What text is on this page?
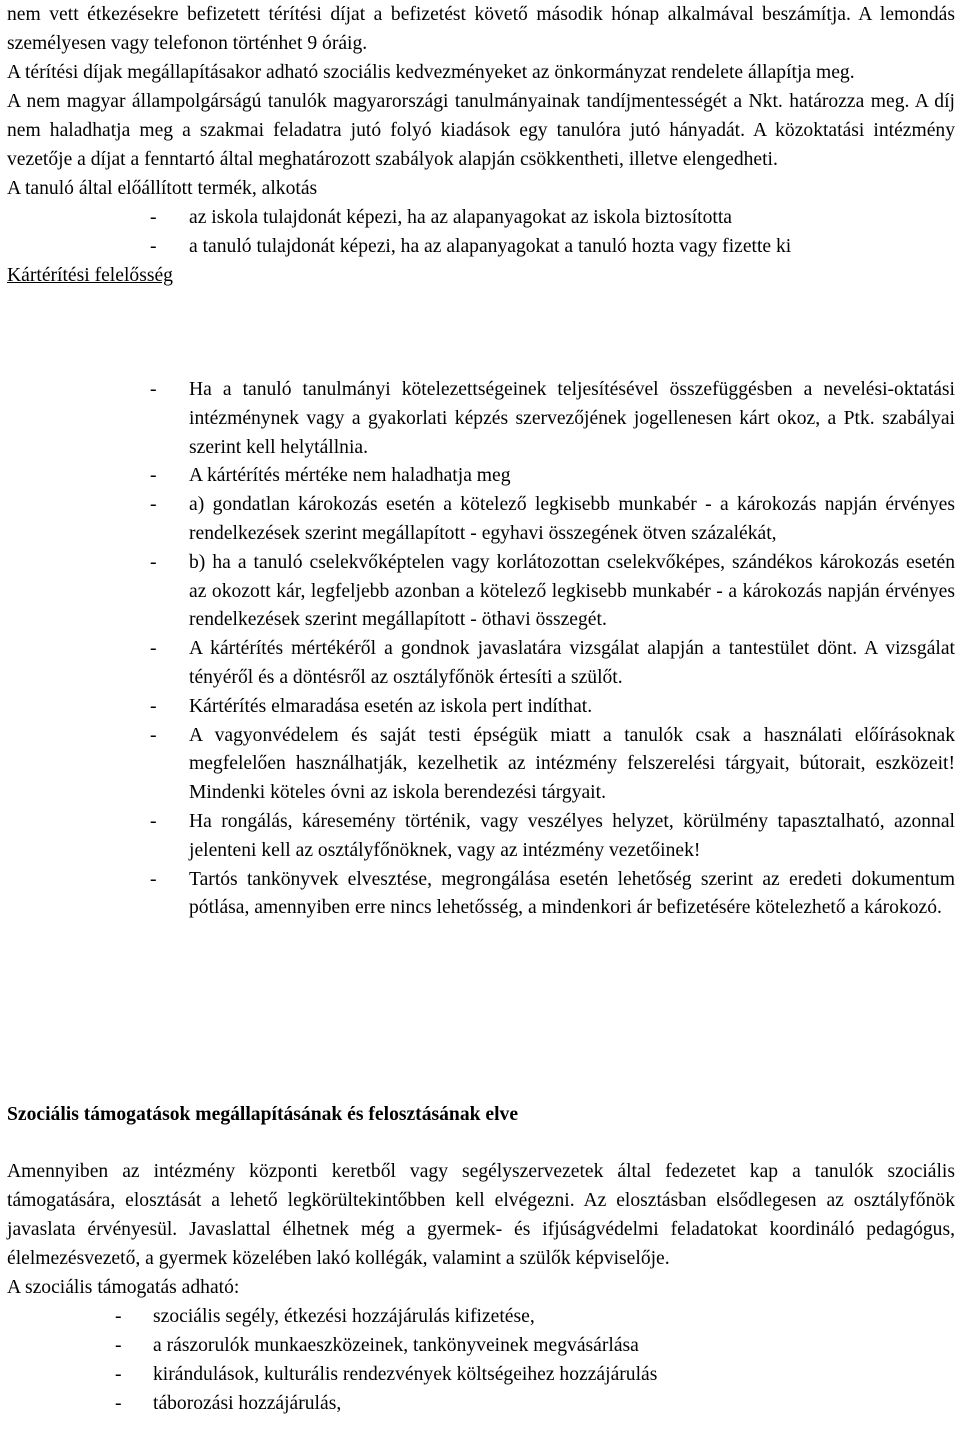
nem vett étkezésekre befizetett térítési díjat a befizetést követő második hónap alkalmával beszámítja. A lemondás személyesen vagy telefonon történhet 9 óráig.

A térítési díjak megállapításakor adható szociális kedvezményeket az önkormányzat rendelete állapítja meg.

A nem magyar állampolgárságú tanulók magyarországi tanulmányainak tandíjmentességét a Nkt. határozza meg. A díj nem haladhatja meg a szakmai feladatra jutó folyó kiadások egy tanulóra jutó hányadát. A közoktatási intézmény vezetője a díjat a fenntartó által meghatározott szabályok alapján csökkentheti, illetve elengedheti.

A tanuló által előállított termék, alkotás

- az iskola tulajdonát képezi, ha az alapanyagokat az iskola biztosította
- a tanuló tulajdonát képezi, ha az alapanyagokat a tanuló hozta vagy fizette ki

Kártérítési felelősség

- Ha a tanuló tanulmányi kötelezettségeinek teljesítésével összefüggésben a nevelési-oktatási intézménynek vagy a gyakorlati képzés szervezőjének jogellenesen kárt okoz, a Ptk. szabályai szerint kell helytállnia.
- A kártérítés mértéke nem haladhatja meg
- a) gondatlan károkozás esetén a kötelező legkisebb munkabér - a károkozás napján érvényes rendelkezések szerint megállapított - egyhavi összegének ötven százalékát,
- b) ha a tanuló cselekvőképtelen vagy korlátozottan cselekvőképes, szándékos károkozás esetén az okozott kár, legfeljebb azonban a kötelező legkisebb munkabér - a károkozás napján érvényes rendelkezések szerint megállapított - öthavi összegét.
- A kártérítés mértékéről a gondnok javaslatára vizsgálat alapján a tantestület dönt. A vizsgálat tényéről és a döntésről az osztályfőnök értesíti a szülőt.
- Kártérítés elmaradása esetén az iskola pert indíthat.
- A vagyonvédelem és saját testi épségük miatt a tanulók csak a használati előírásoknak megfelelően használhatják, kezelhetik az intézmény felszerelési tárgyait, bútorait, eszközeit! Mindenki köteles óvni az iskola berendezési tárgyait.
- Ha rongálás, káresemény történik, vagy veszélyes helyzet, körülmény tapasztalható, azonnal jelenteni kell az osztályfőnöknek, vagy az intézmény vezetőinek!
- Tartós tankönyvek elvesztése, megrongálása esetén lehetőség szerint az eredeti dokumentum pótlása, amennyiben erre nincs lehetősség, a mindenkori ár befizetésére kötelezhető a károkozó.

Szociális támogatások megállapításának és felosztásának elve

Amennyiben az intézmény központi keretből vagy segélyszervezetek által fedezetet kap a tanulók szociális támogatására, elosztását a lehető legkörültekintőbben kell elvégezni. Az elosztásban elsődlegesen az osztályfőnök javaslata érvényesül. Javaslattal élhetnek még a gyermek- és ifjúságvédelmi feladatokat koordináló pedagógus, élelmezésvezető, a gyermek közelében lakó kollégák, valamint a szülők képviselője.

A szociális támogatás adható:

- szociális segély, étkezési hozzájárulás kifizetése,
- a rászorulók munkaeszközeinek, tankönyveinek megvásárlása
- kirándulások, kulturális rendezvények költségeihez hozzájárulás
- táborozási hozzájárulás,
